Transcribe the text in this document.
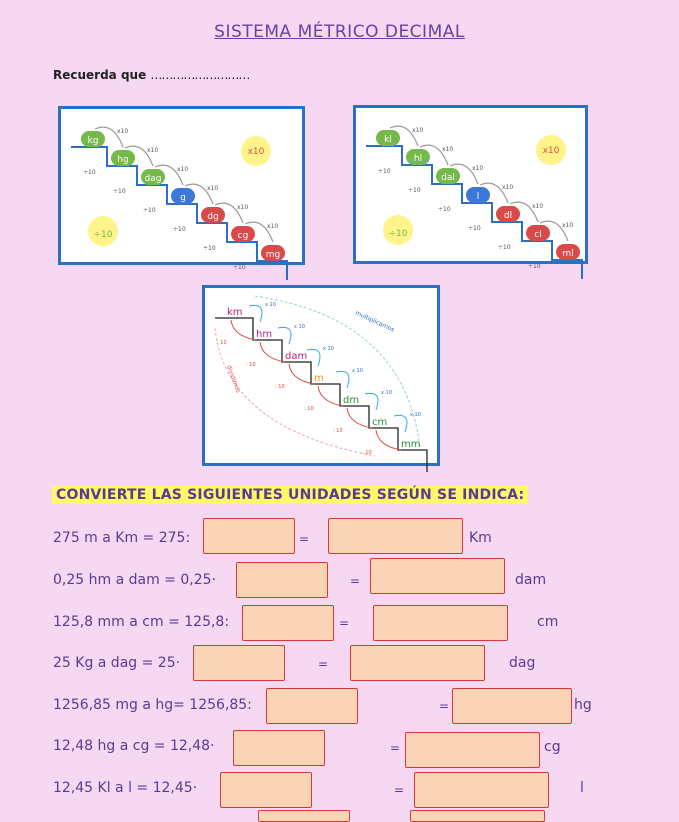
SISTEMA MÉTRICO DECIMAL
Recuerda que ………………………
kg
x10
÷10
hg
x10
÷10
dag
x10
÷10
g
x10
÷10
dg
x10
÷10
cg
x10
÷10
mg
x10
÷10
kl
x10
÷10
hl
x10
÷10
dal
x10
÷10
l
x10
÷10
dl
x10
÷10
cl
x10
÷10
ml
x10
÷10
multiplicamos
dividimos
km
x 10
: 10
hm
x 10
: 10
dam
x 10
: 10
m
x 10
: 10
dm
x 10
: 10
cm
x 10
: 10
mm
CONVIERTE LAS SIGUIENTES UNIDADES SEGÚN SE INDICA:
275 m a Km = 275:	=	Km
0,25 hm a dam = 0,25·	=	dam
125,8 mm a cm = 125,8:	=	cm
25 Kg a dag = 25·	=	dag
1256,85 mg a hg= 1256,85:	=	hg
12,48 hg a cg = 12,48·	=	cg
12,45 Kl a l = 12,45·	=	l
